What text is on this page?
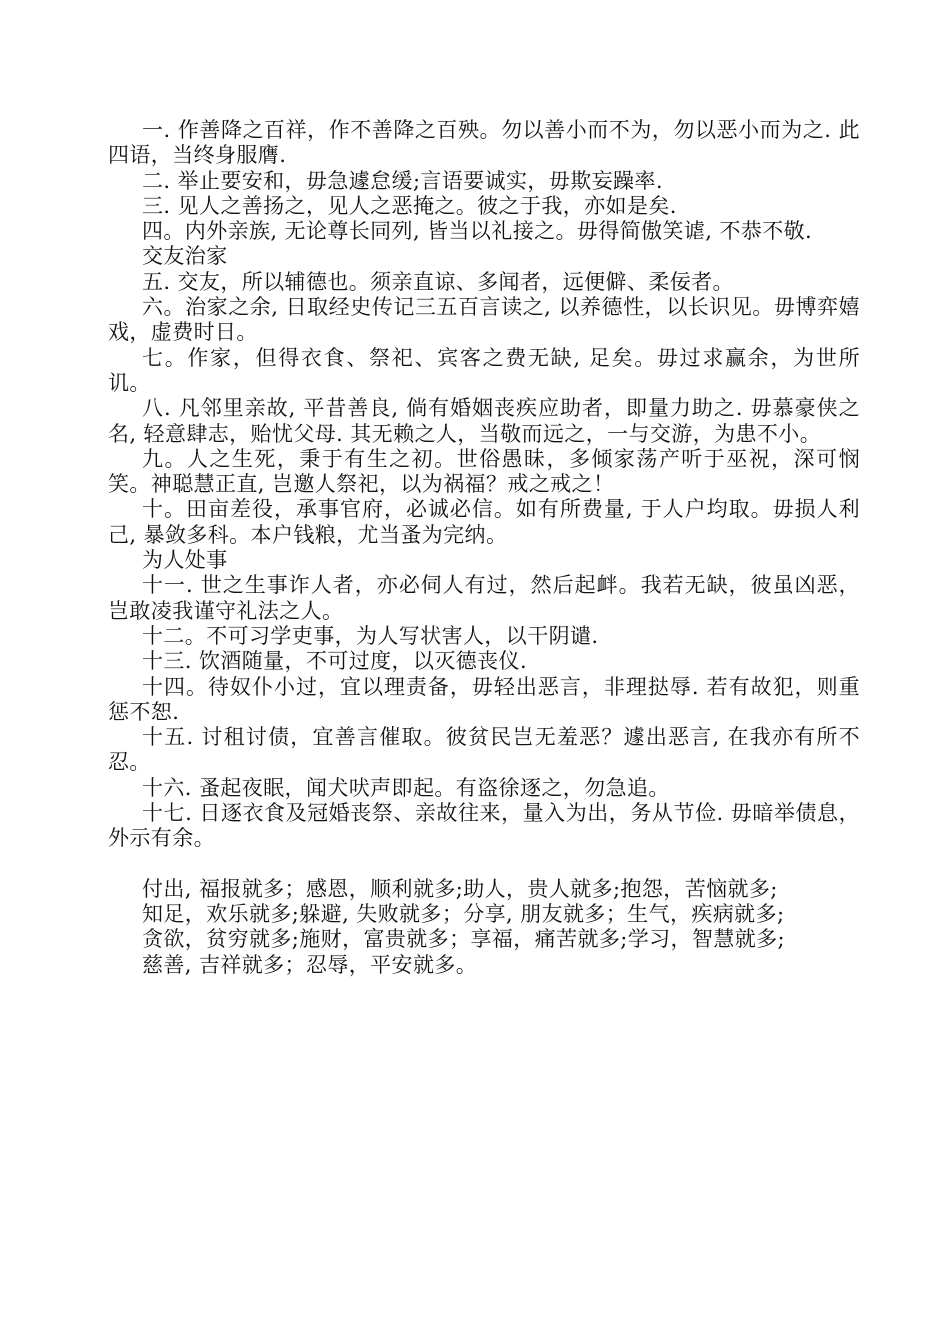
一. 作善降之百祥，作不善降之百殃。勿以善小而不为，勿以恶小而为之. 此四语，当终身服膺.

二. 举止要安和，毋急遽怠缓;言语要诚实，毋欺妄躁率.

三. 见人之善扬之，见人之恶掩之。彼之于我，亦如是矣.

四。内外亲族, 无论尊长同列, 皆当以礼接之。毋得简傲笑谑, 不恭不敬.

交友治家

五. 交友，所以辅德也。须亲直谅、多闻者，远便僻、柔佞者。

六。治家之余, 日取经史传记三五百言读之, 以养德性，以长识见。毋博弈嬉戏，虚费时日。

七。作家，但得衣食、祭祀、宾客之费无缺, 足矣。毋过求赢余，为世所讥。

八. 凡邻里亲故, 平昔善良, 倘有婚姻丧疾应助者，即量力助之. 毋慕豪侠之名, 轻意肆志，贻忧父母. 其无赖之人，当敬而远之，一与交游，为患不小。

九。人之生死，秉于有生之初。世俗愚昧，多倾家荡产听于巫祝，深可悯笑。神聪慧正直, 岂邀人祭祀，以为祸福？戒之戒之！

十。田亩差役，承事官府，必诚必信。如有所费量, 于人户均取。毋损人利己, 暴敛多科。本户钱粮，尤当蚤为完纳。

为人处事

十一. 世之生事诈人者，亦必伺人有过，然后起衅。我若无缺，彼虽凶恶，岂敢凌我谨守礼法之人。

十二。不可习学吏事，为人写状害人，以干阴谴.

十三. 饮酒随量，不可过度，以灭德丧仪.

十四。待奴仆小过，宜以理责备，毋轻出恶言，非理挞辱. 若有故犯，则重惩不恕.

十五. 讨租讨债，宜善言催取。彼贫民岂无羞恶？遽出恶言, 在我亦有所不忍。

十六. 蚤起夜眠，闻犬吠声即起。有盗徐逐之，勿急追。

十七. 日逐衣食及冠婚丧祭、亲故往来，量入为出，务从节俭. 毋暗举债息，外示有余。

付出, 福报就多；感恩，顺利就多;助人，贵人就多;抱怨，苦恼就多;

知足，欢乐就多;躲避, 失败就多；分享, 朋友就多；生气，疾病就多;

贪欲，贫穷就多;施财，富贵就多；享福，痛苦就多;学习，智慧就多;

慈善, 吉祥就多；忍辱，平安就多。
